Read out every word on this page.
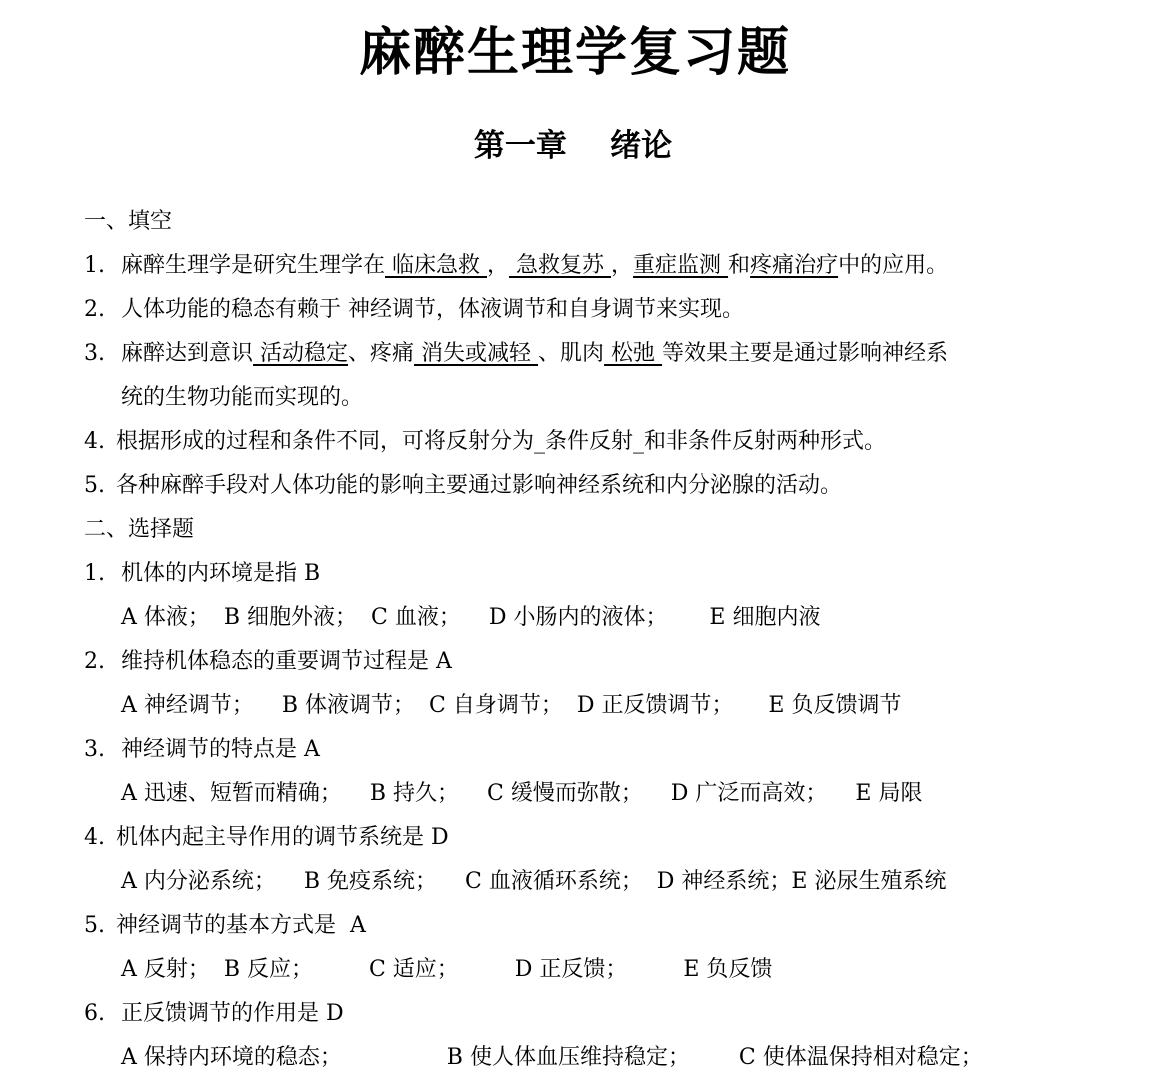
麻醉生理学复习题
第一章    绪论
一、填空
1. 麻醉生理学是研究生理学在 临床急救 ， 急救复苏 ，重症监测 和疼痛治疗中的应用。
2. 人体功能的稳态有赖于 神经调节，体液调节和自身调节来实现。
3. 麻醉达到意识 活动稳定、疼痛 消失或减轻 、肌肉 松弛 等效果主要是通过影响神经系
统的生物功能而实现的。
4. 根据形成的过程和条件不同，可将反射分为_条件反射_和非条件反射两种形式。
5. 各种麻醉手段对人体功能的影响主要通过影响神经系统和内分泌腺的活动。
二、选择题
1. 机体的内环境是指 B
A 体液；  B 细胞外液；  C 血液；    D 小肠内的液体；      E 细胞内液
2. 维持机体稳态的重要调节过程是 A
A 神经调节；    B 体液调节；  C 自身调节；  D 正反馈调节；     E 负反馈调节
3. 神经调节的特点是 A
A 迅速、短暂而精确；    B 持久；    C 缓慢而弥散；    D 广泛而高效；    E 局限
4. 机体内起主导作用的调节系统是 D
A 内分泌系统；    B 免疫系统；    C 血液循环系统；  D 神经系统；E 泌尿生殖系统
5. 神经调节的基本方式是  A
A 反射；  B 反应；        C 适应；        D 正反馈；        E 负反馈
6. 正反馈调节的作用是 D
A 保持内环境的稳态；               B 使人体血压维持稳定；       C 使体温保持相对稳定；
